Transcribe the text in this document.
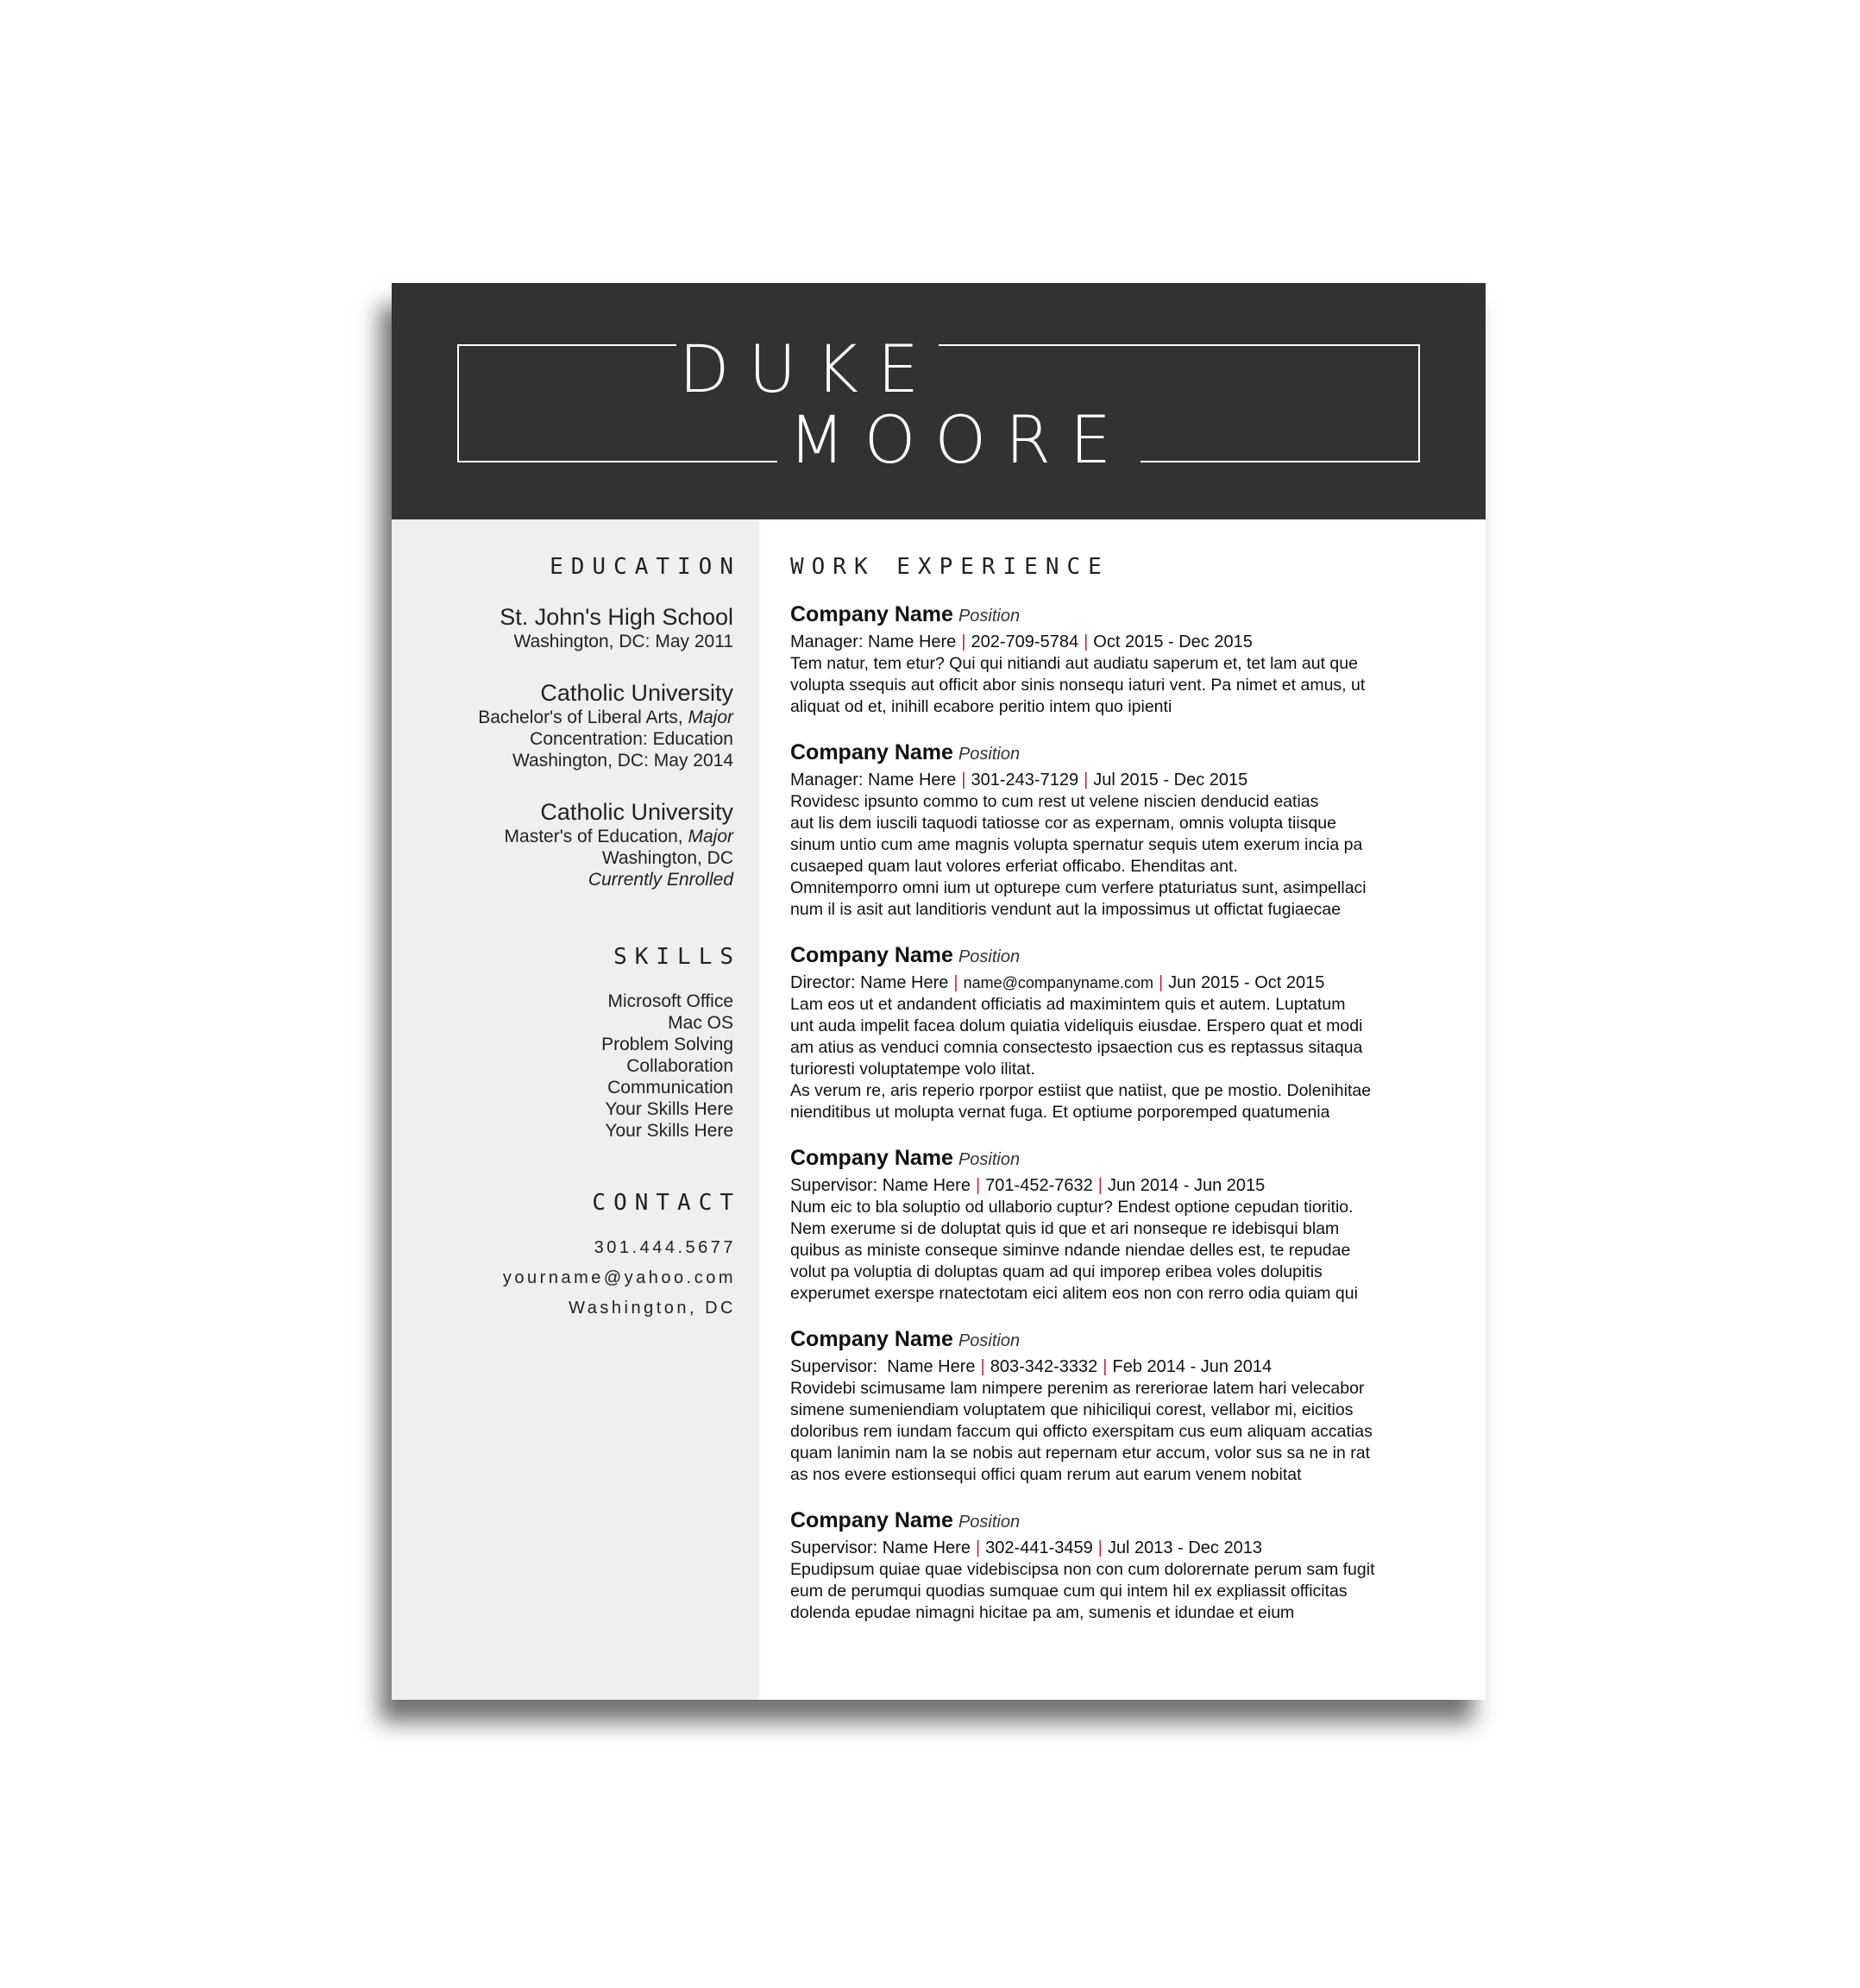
DUKE
MOORE
EDUCATION
St. John's High School
Washington, DC: May 2011
Catholic University
Bachelor's of Liberal Arts, Major
Concentration: Education
Washington, DC: May 2014
Catholic University
Master's of Education, Major
Washington, DC
Currently Enrolled
SKILLS
Microsoft Office
Mac OS
Problem Solving
Collaboration
Communication
Your Skills Here
Your Skills Here
CONTACT
301.444.5677
yourname@yahoo.com
Washington, DC
WORK EXPERIENCE
Company Name Position
Manager: Name Here | 202-709-5784 | Oct 2015 - Dec 2015
Tem natur, tem etur? Qui qui nitiandi aut audiatu saperum et, tet lam aut que
volupta ssequis aut officit abor sinis nonsequ iaturi vent. Pa nimet et amus, ut
aliquat od et, inihill ecabore peritio intem quo ipienti
Company Name Position
Manager: Name Here | 301-243-7129 | Jul 2015 - Dec 2015
Rovidesc ipsunto commo to cum rest ut velene niscien denducid eatias
aut lis dem iuscili taquodi tatiosse cor as expernam, omnis volupta tiisque
sinum untio cum ame magnis volupta spernatur sequis utem exerum incia pa
cusaeped quam laut volores erferiat officabo. Ehenditas ant.
Omnitemporro omni ium ut opturepe cum verfere ptaturiatus sunt, asimpellaci
num il is asit aut landitioris vendunt aut la impossimus ut offictat fugiaecae
Company Name Position
Director: Name Here | name@companyname.com | Jun 2015 - Oct 2015
Lam eos ut et andandent officiatis ad maximintem quis et autem. Luptatum
unt auda impelit facea dolum quiatia videliquis eiusdae. Erspero quat et modi
am atius as venduci comnia consectesto ipsaection cus es reptassus sitaqua
turioresti voluptatempe volo ilitat.
As verum re, aris reperio rporpor estiist que natiist, que pe mostio. Dolenihitae
nienditibus ut molupta vernat fuga. Et optiume porporemped quatumenia
Company Name Position
Supervisor: Name Here | 701-452-7632 | Jun 2014 - Jun 2015
Num eic to bla soluptio od ullaborio cuptur? Endest optione cepudan tioritio.
Nem exerume si de doluptat quis id que et ari nonseque re idebisqui blam
quibus as ministe conseque siminve ndande niendae delles est, te repudae
volut pa voluptia di doluptas quam ad qui imporep eribea voles dolupitis
experumet exerspe rnatectotam eici alitem eos non con rerro odia quiam qui
Company Name Position
Supervisor:  Name Here | 803-342-3332 | Feb 2014 - Jun 2014
Rovidebi scimusame lam nimpere perenim as rereriorae latem hari velecabor
simene sumeniendiam voluptatem que nihiciliqui corest, vellabor mi, eicitios
doloribus rem iundam faccum qui officto exerspitam cus eum aliquam accatias
quam lanimin nam la se nobis aut repernam etur accum, volor sus sa ne in rat
as nos evere estionsequi offici quam rerum aut earum venem nobitat
Company Name Position
Supervisor: Name Here | 302-441-3459 | Jul 2013 - Dec 2013
Epudipsum quiae quae videbiscipsa non con cum dolorernate perum sam fugit
eum de perumqui quodias sumquae cum qui intem hil ex expliassit officitas
dolenda epudae nimagni hicitae pa am, sumenis et idundae et eium
